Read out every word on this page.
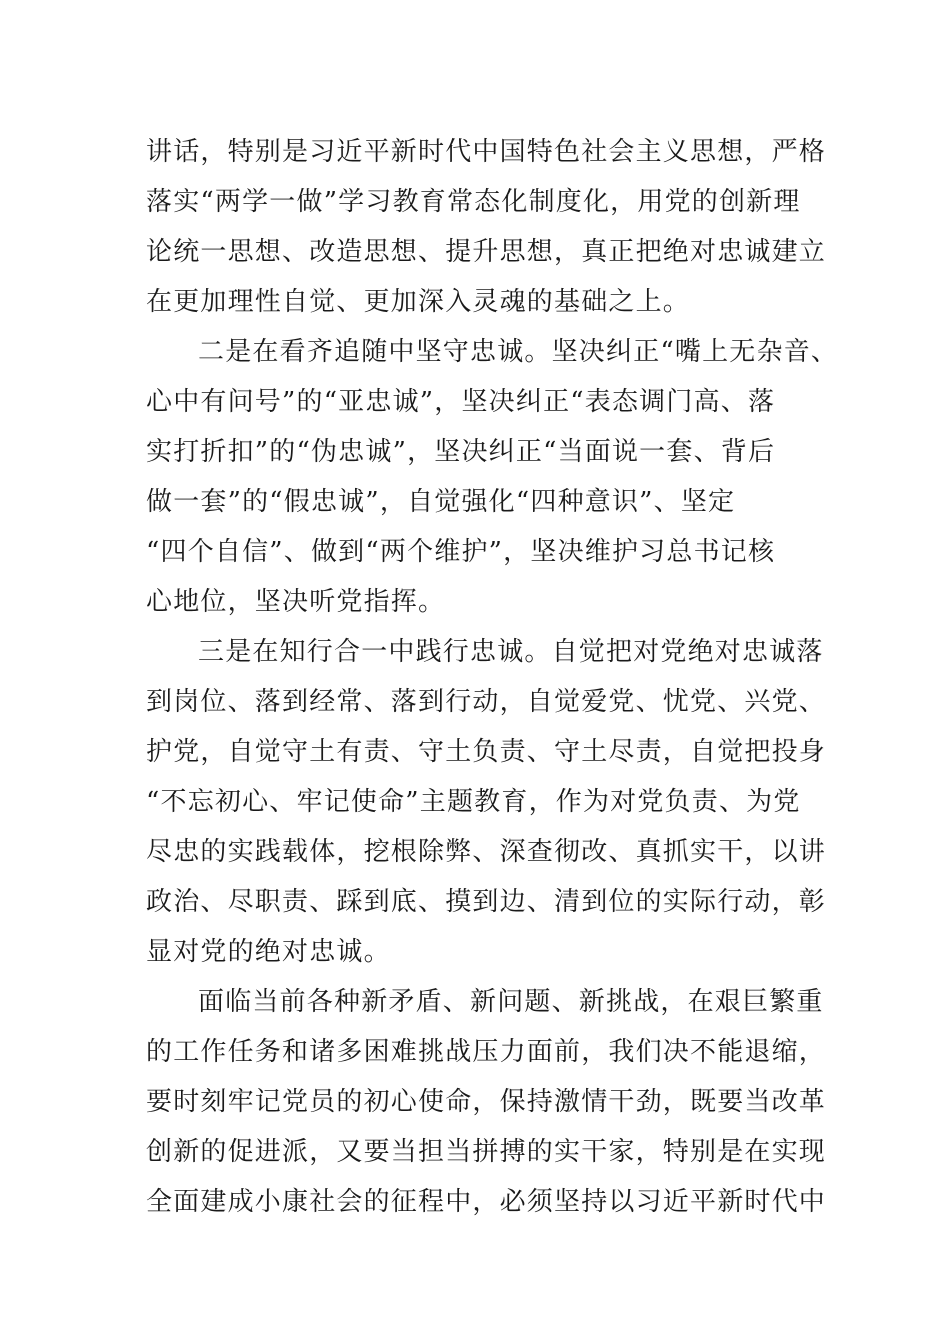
讲话，特别是习近平新时代中国特色社会主义思想，严格
落实“两学一做”学习教育常态化制度化，用党的创新理
论统一思想、改造思想、提升思想，真正把绝对忠诚建立
在更加理性自觉、更加深入灵魂的基础之上。
二是在看齐追随中坚守忠诚。坚决纠正“嘴上无杂音、
心中有问号”的“亚忠诚”，坚决纠正“表态调门高、落
实打折扣”的“伪忠诚”，坚决纠正“当面说一套、背后
做一套”的“假忠诚”，自觉强化“四种意识”、坚定
“四个自信”、做到“两个维护”，坚决维护习总书记核
心地位，坚决听党指挥。
三是在知行合一中践行忠诚。自觉把对党绝对忠诚落
到岗位、落到经常、落到行动，自觉爱党、忧党、兴党、
护党，自觉守土有责、守土负责、守土尽责，自觉把投身
“不忘初心、牢记使命”主题教育，作为对党负责、为党
尽忠的实践载体，挖根除弊、深查彻改、真抓实干，以讲
政治、尽职责、踩到底、摸到边、清到位的实际行动，彰
显对党的绝对忠诚。
面临当前各种新矛盾、新问题、新挑战，在艰巨繁重
的工作任务和诸多困难挑战压力面前，我们决不能退缩，
要时刻牢记党员的初心使命，保持激情干劲，既要当改革
创新的促进派，又要当担当拼搏的实干家，特别是在实现
全面建成小康社会的征程中，必须坚持以习近平新时代中
